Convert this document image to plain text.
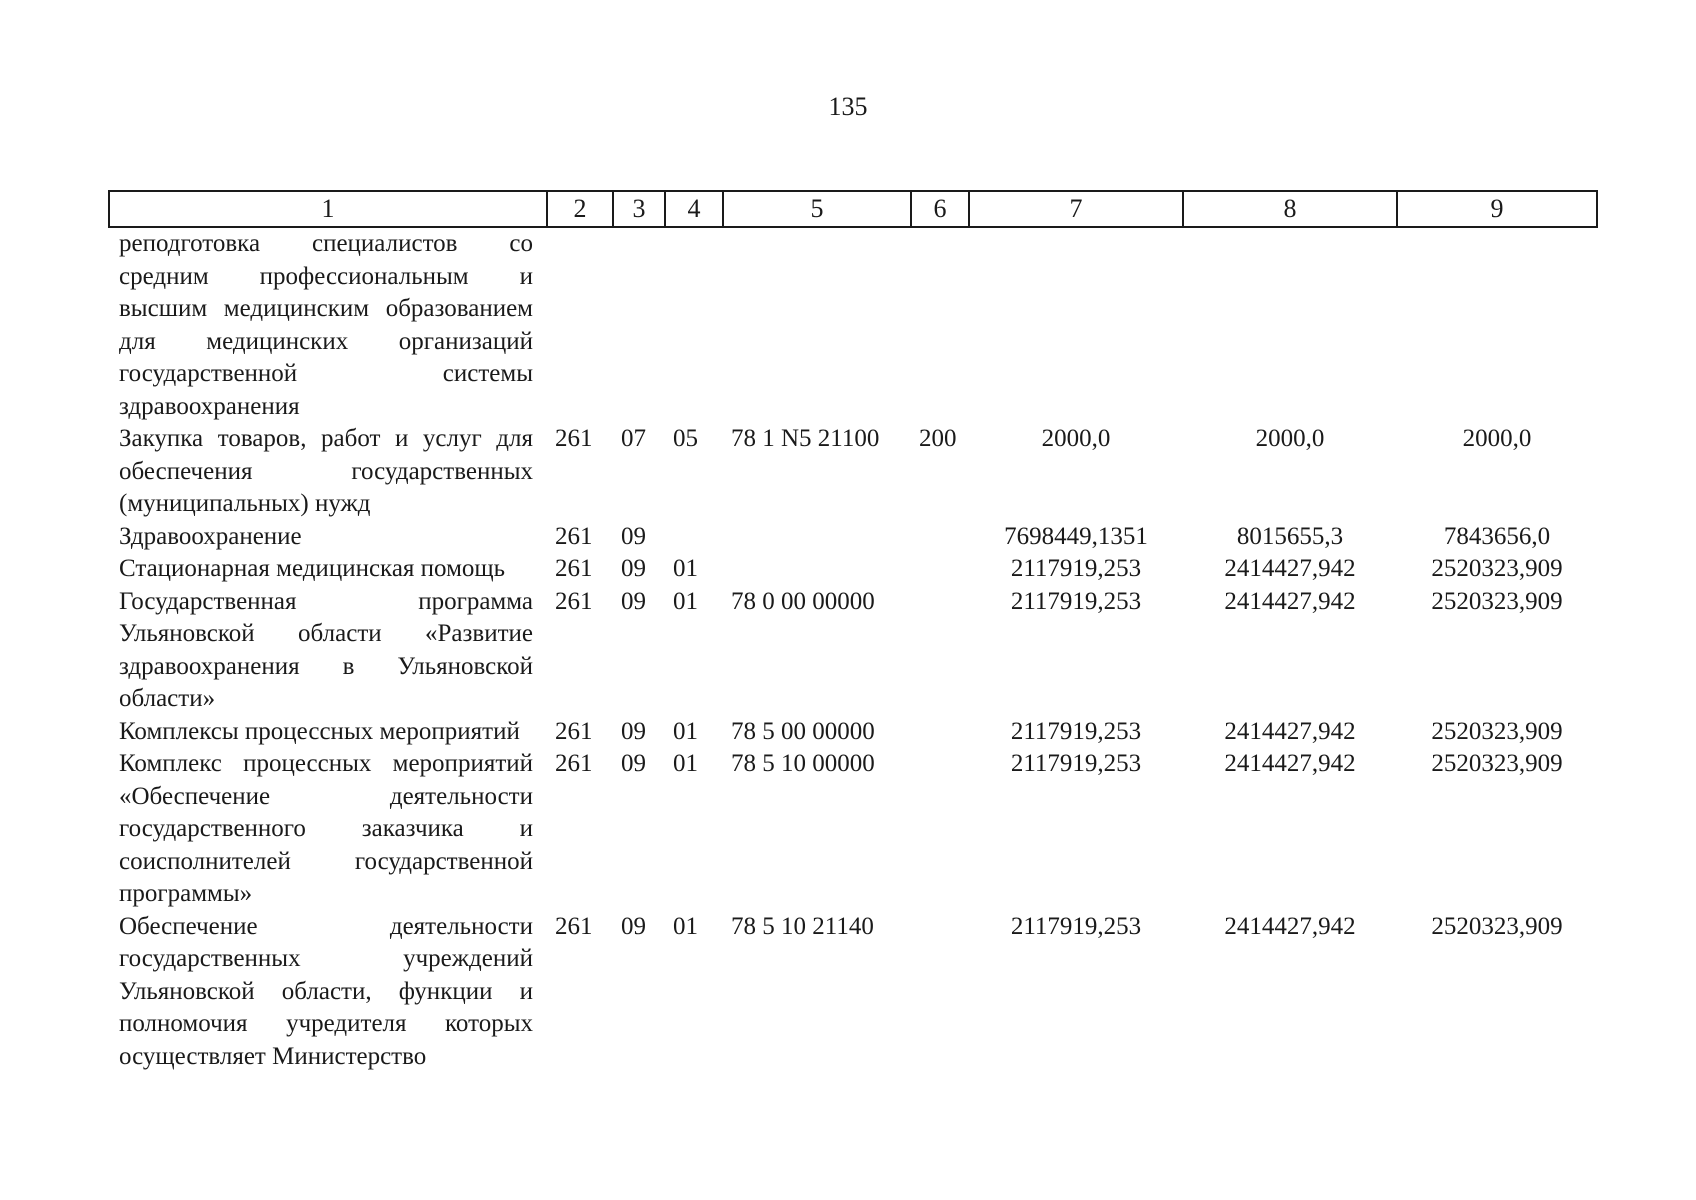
135
1	2	3	4	5	6	7	8	9
реподготовка специалистов со средним профессиональным и высшим медицинским образованием для медицинских организаций государственной системы здравоохранения								
Закупка товаров, работ и услуг для обеспечения государственных (муниципальных) нужд	261	07	05	78 1 N5 21100	200	2000,0	2000,0	2000,0
Здравоохранение	261	09				7698449,1351	8015655,3	7843656,0
Стационарная медицинская помощь	261	09	01			2117919,253	2414427,942	2520323,909
Государственная программа Ульяновской области «Развитие здравоохранения в Ульяновской области»	261	09	01	78 0 00 00000		2117919,253	2414427,942	2520323,909
Комплексы процессных мероприятий	261	09	01	78 5 00 00000		2117919,253	2414427,942	2520323,909
Комплекс процессных мероприятий «Обеспечение деятельности государственного заказчика и соисполнителей государственной программы»	261	09	01	78 5 10 00000		2117919,253	2414427,942	2520323,909
Обеспечение деятельности государственных учреждений Ульяновской области, функции и полномочия учредителя которых осуществляет Министерство	261	09	01	78 5 10 21140		2117919,253	2414427,942	2520323,909
